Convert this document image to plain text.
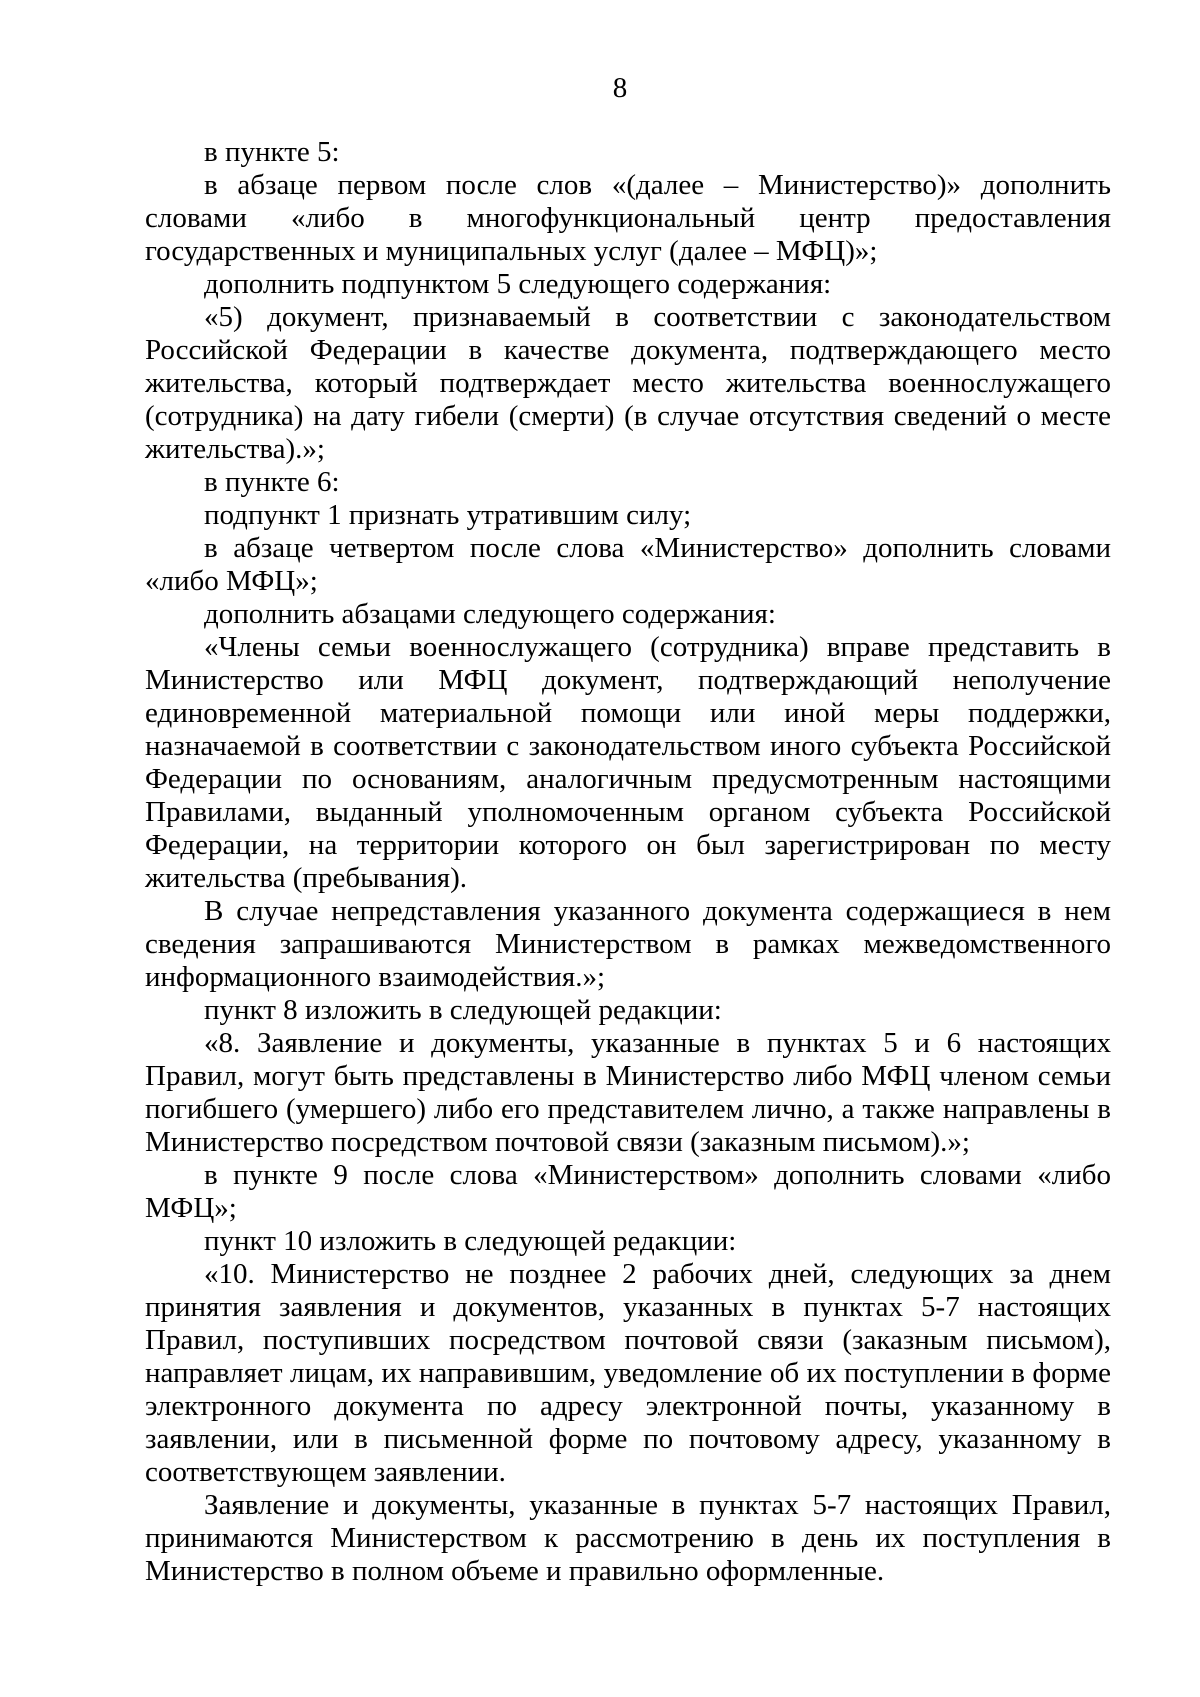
8

в пункте 5:

в абзаце первом после слов «(далее – Министерство)» дополнить словами «либо в многофункциональный центр предоставления государственных и муниципальных услуг (далее – МФЦ)»;

дополнить подпунктом 5 следующего содержания:

«5) документ, признаваемый в соответствии с законодательством Российской Федерации в качестве документа, подтверждающего место жительства, который подтверждает место жительства военнослужащего (сотрудника) на дату гибели (смерти) (в случае отсутствия сведений о месте жительства).»;

в пункте 6:

подпункт 1 признать утратившим силу;

в абзаце четвертом после слова «Министерство» дополнить словами «либо МФЦ»;

дополнить абзацами следующего содержания:

«Члены семьи военнослужащего (сотрудника) вправе представить в Министерство или МФЦ документ, подтверждающий неполучение единовременной материальной помощи или иной меры поддержки, назначаемой в соответствии с законодательством иного субъекта Российской Федерации по основаниям, аналогичным предусмотренным настоящими Правилами, выданный уполномоченным органом субъекта Российской Федерации, на территории которого он был зарегистрирован по месту жительства (пребывания).

В случае непредставления указанного документа содержащиеся в нем сведения запрашиваются Министерством в рамках межведомственного информационного взаимодействия.»;

пункт 8 изложить в следующей редакции:

«8. Заявление и документы, указанные в пунктах 5 и 6 настоящих Правил, могут быть представлены в Министерство либо МФЦ членом семьи погибшего (умершего) либо его представителем лично, а также направлены в Министерство посредством почтовой связи (заказным письмом).»;

в пункте 9 после слова «Министерством» дополнить словами «либо МФЦ»;

пункт 10 изложить в следующей редакции:

«10. Министерство не позднее 2 рабочих дней, следующих за днем принятия заявления и документов, указанных в пунктах 5-7 настоящих Правил, поступивших посредством почтовой связи (заказным письмом), направляет лицам, их направившим, уведомление об их поступлении в форме электронного документа по адресу электронной почты, указанному в заявлении, или в письменной форме по почтовому адресу, указанному в соответствующем заявлении.

Заявление и документы, указанные в пунктах 5-7 настоящих Правил, принимаются Министерством к рассмотрению в день их поступления в Министерство в полном объеме и правильно оформленные.
